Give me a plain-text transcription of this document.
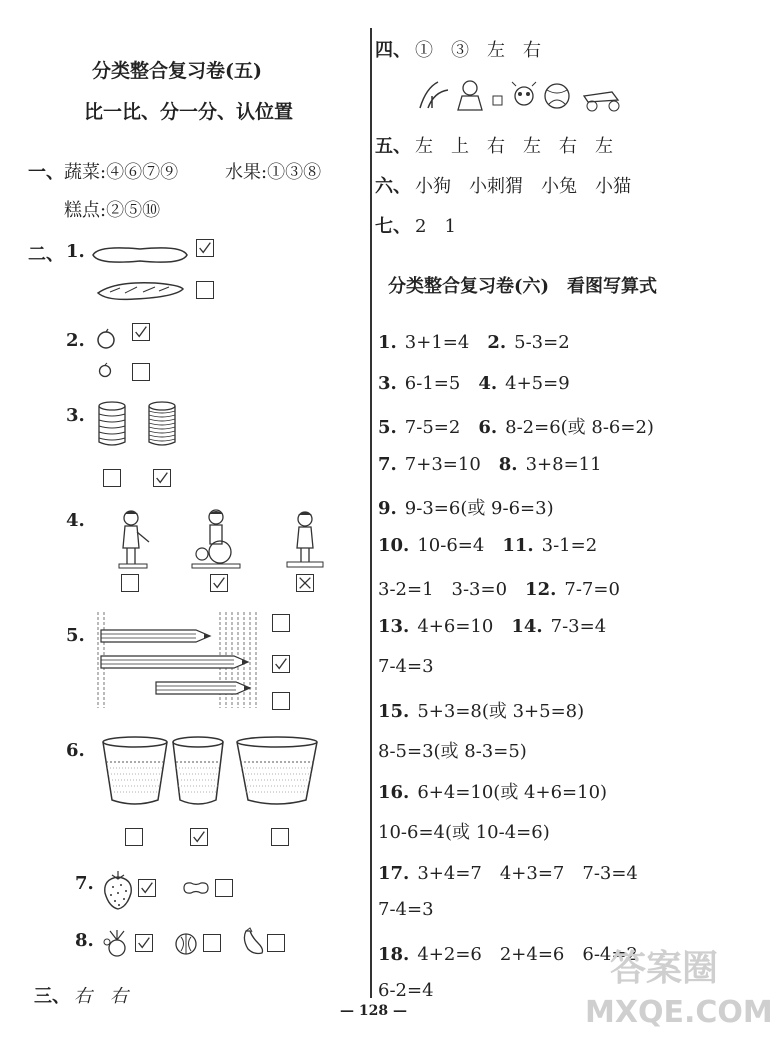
分类整合复习卷(五)
比一比、分一分、认位置
一、 蔬菜:④⑥⑦⑨	水果:①③⑧
糕点:②⑤⑩
二、 1.
2.
3.
4.
5.
6.
7.
8.
三、 右　右
四、 ①　③　左　右
五、 左　上　右　左　右　左
六、 小狗　小刺猬　小兔　小猫
七、 2　1
分类整合复习卷(六)　看图写算式
1. 3+1=4 2. 5-3=2
3. 6-1=5 4. 4+5=9
5. 7-5=2 6. 8-2=6(或 8-6=2)
7. 7+3=10 8. 3+8=11
9. 9-3=6(或 9-6=3)
10. 10-6=4 11. 3-1=2
3-2=1　3-3=0 12. 7-7=0
13. 4+6=10 14. 7-3=4
7-4=3
15. 5+3=8(或 3+5=8)
8-5=3(或 8-3=5)
16. 6+4=10(或 4+6=10)
10-6=4(或 10-4=6)
17. 3+4=7　4+3=7　7-3=4
7-4=3
18. 4+2=6　2+4=6　6-4=2
6-2=4
— 128 —
答案圈
MXQE.COM
